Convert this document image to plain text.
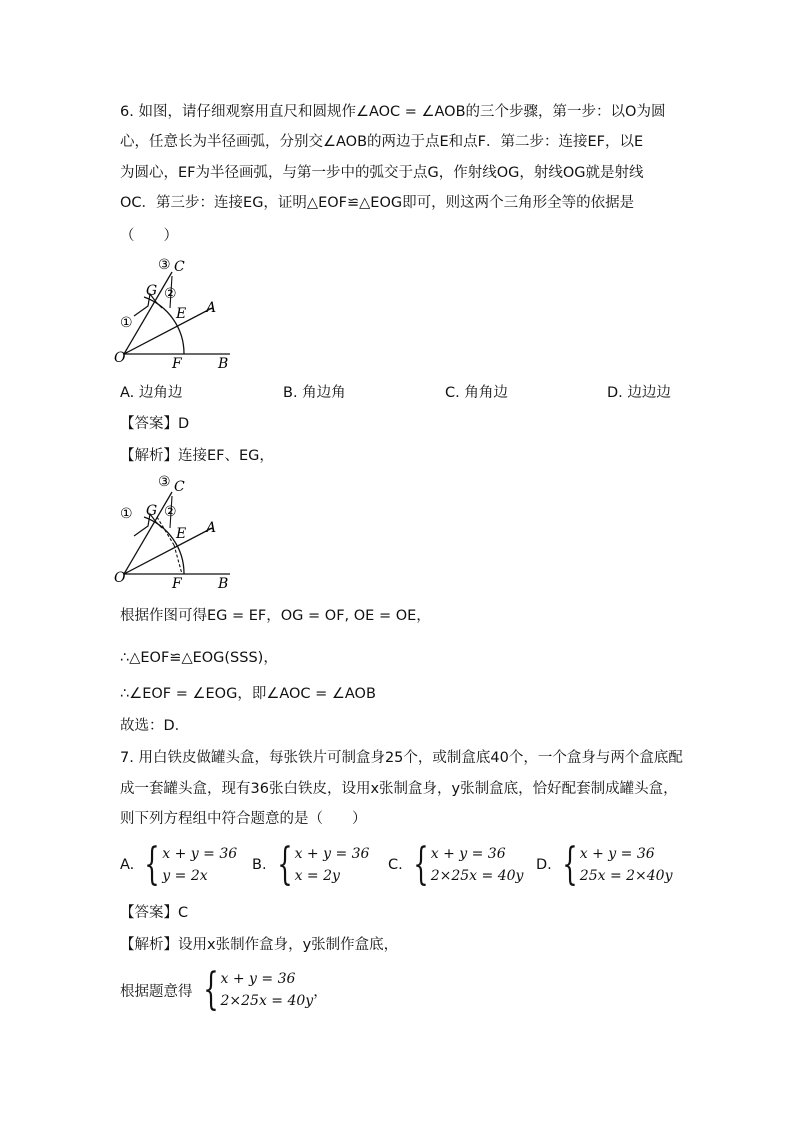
6. 如图，请仔细观察用直尺和圆规作∠AOC = ∠AOB的三个步骤，第一步：以O为圆
心，任意长为半径画弧，分别交∠AOB的两边于点E和点F．第二步：连接EF，以E
为圆心，EF为半径画弧，与第一步中的弧交于点G，作射线OG，射线OG就是射线
OC．第三步：连接EG，证明△EOF≌△EOG即可，则这两个三角形全等的依据是
（　　）
O	F	B
A
E
G
C
①
②
③
A. 边角边	B. 角边角	C. 角角边	D. 边边边
【答案】D
【解析】连接EF、EG，
O	F	B
A
E
G
C
① ②
③
根据作图可得EG = EF，OG = OF, OE = OE，
∴△EOF≌△EOG(SSS)，
∴∠EOF = ∠EOG，即∠AOC = ∠AOB
故选：D．
7. 用白铁皮做罐头盒，每张铁片可制盒身25个，或制盒底40个，一个盒身与两个盒底配
成一套罐头盒，现有36张白铁皮，设用x张制盒身，y张制盒底，恰好配套制成罐头盒，
则下列方程组中符合题意的是（　　）
A. { x + y = 36
y = 2x
B. { x + y = 36
x = 2y
C. { x + y = 36
2×25x = 40y
D. { x + y = 36
25x = 2×40y
【答案】C
【解析】设用x张制作盒身，y张制作盒底，
根据题意得 { x + y = 36
2×25x = 40y
，
